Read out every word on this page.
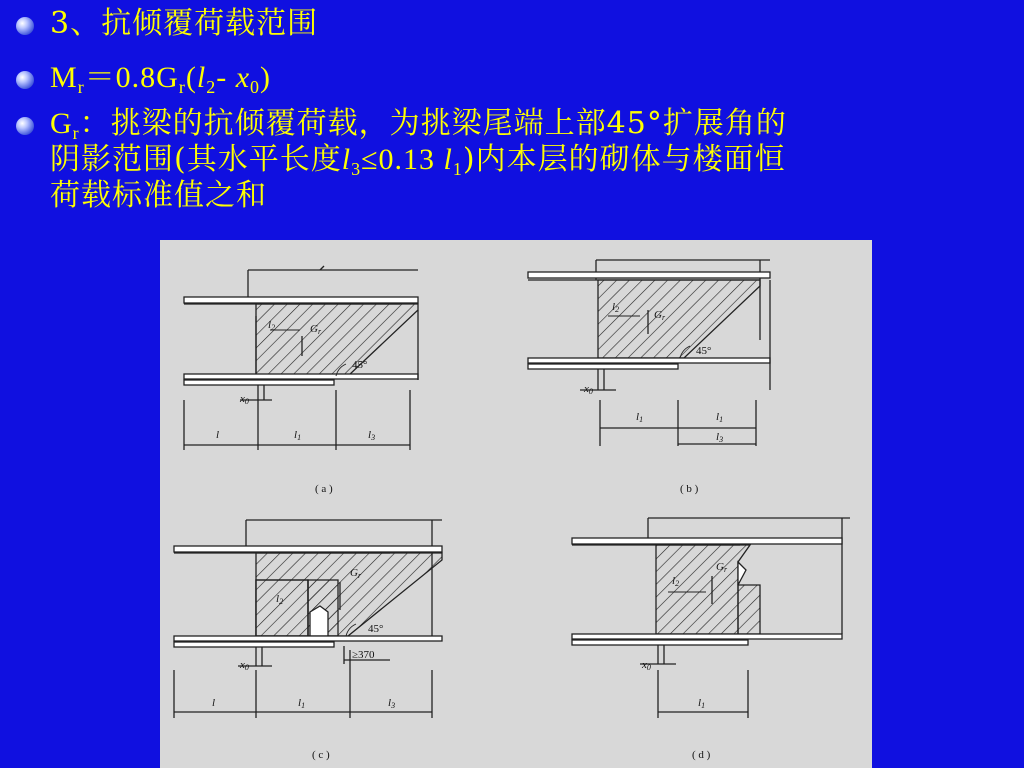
3、抗倾覆荷载范围
$M_r=0.8G_r(l_2-$ $x_0$)
$G_r$：挑梁的抗倾覆荷载，为挑梁尾端上部45°扩展角的
阴影范围(其水平长度$l_3\le 0.13$ $l_1$)内本层的砌体与楼面恒
荷载标准值之和
l2	Gr
45°
x0
l	l1	l3
( a )
l2	Gr
45°
x0
l1	l1
l3
( b )
l2
Gr
45°
≥370
x0
l	l1	l3
( c )
l2
Gr
x0
l1
( d )
